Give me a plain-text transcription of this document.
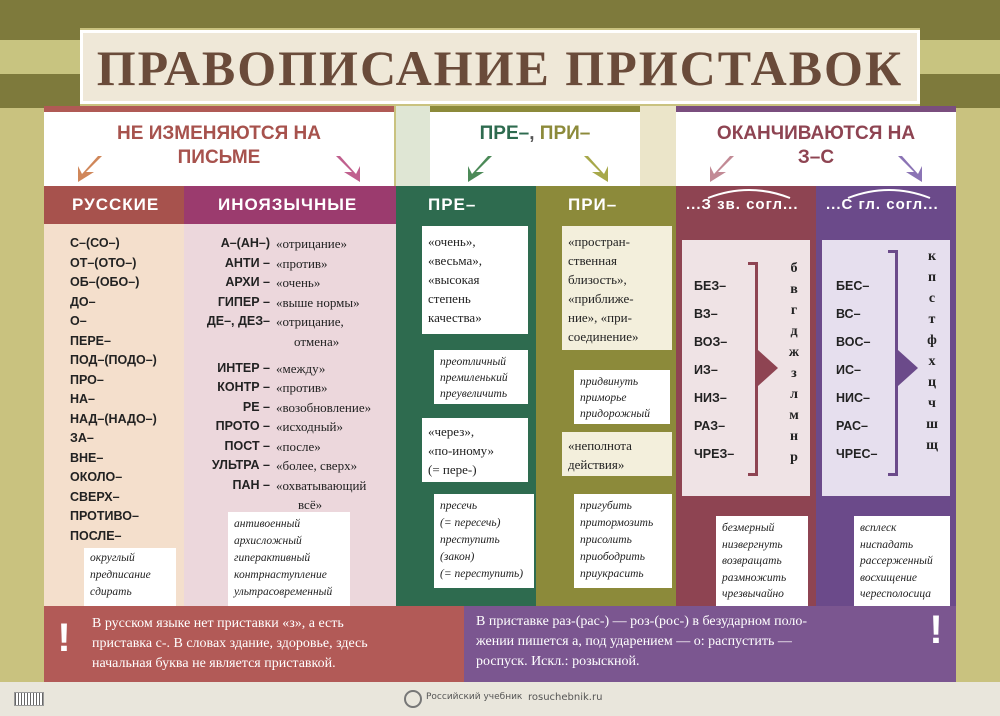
ПРАВОПИСАНИЕ ПРИСТАВОК
НЕ ИЗМЕНЯЮТСЯ НА ПИСЬМЕ
ПРЕ–, ПРИ–	ОКАНЧИВАЮТСЯ НА З–С
РУССКИЕ
С–(СО–)
ОТ–(ОТО–)
ОБ–(ОБО–)
ДО–
О–
ПЕРЕ–
ПОД–(ПОДО–)
ПРО–
НА–
НАД–(НАДО–)
ЗА–
ВНЕ–
ОКОЛО–
СВЕРХ–
ПРОТИВО–
ПОСЛЕ–
округлый
предписание
сдирать
ИНОЯЗЫЧНЫЕ
А–(АН–) «отрицание»
АНТИ – «против»
АРХИ – «очень»
ГИПЕР – «выше нормы»
ДЕ–, ДЕЗ– «отрицание,
отмена»
ИНТЕР – «между»
КОНТР – «против»
РЕ – «возобновление»
ПРОТО – «исходный»
ПОСТ – «после»
УЛЬТРА – «более, сверх»
ПАН – «охватывающий
всё»
антивоенный
архисложный
гиперактивный
контрнаступление
ультрасовременный
ПРЕ–
«очень»,
«весьма»,
«высокая
степень
качества»
преотличный
премиленький
преувеличить
«через»,
«по-иному»
(= пере-)
пресечь
(= пересечь)
преступить
(закон)
(= переступить)
ПРИ–
«простран-
ственная
близость»,
«приближе-
ние», «при-
соединение»
придвинуть
приморье
придорожный
«неполнота
действия»
пригубить
притормозить
присолить
приободрить
приукрасить
...З зв. согл...
БЕЗ–
ВЗ–
ВОЗ–
ИЗ–
НИЗ–
РАЗ–
ЧРЕЗ–
б
в
г
д
ж
з
л
м
н
р
безмерный
низвергнуть
возвращать
размножить
чрезвычайно
...С гл. согл...
БЕС–
ВС–
ВОС–
ИС–
НИС–
РАС–
ЧРЕС–
к
п
с
т
ф
х
ц
ч
ш
щ
всплеск
ниспадать
рассерженный
восхищение
чересполосица
!	В русском языке нет приставки «з», а есть
приставка с-. В словах здание, здоровье, здесь
начальная буква не является приставкой.
В приставке раз-(рас-) — роз-(рос-) в безударном поло-
жении пишется а, под ударением — о: распустить —
роспуск. Искл.: розыскной.
!
Российский учебник rosuchebnik.ru
